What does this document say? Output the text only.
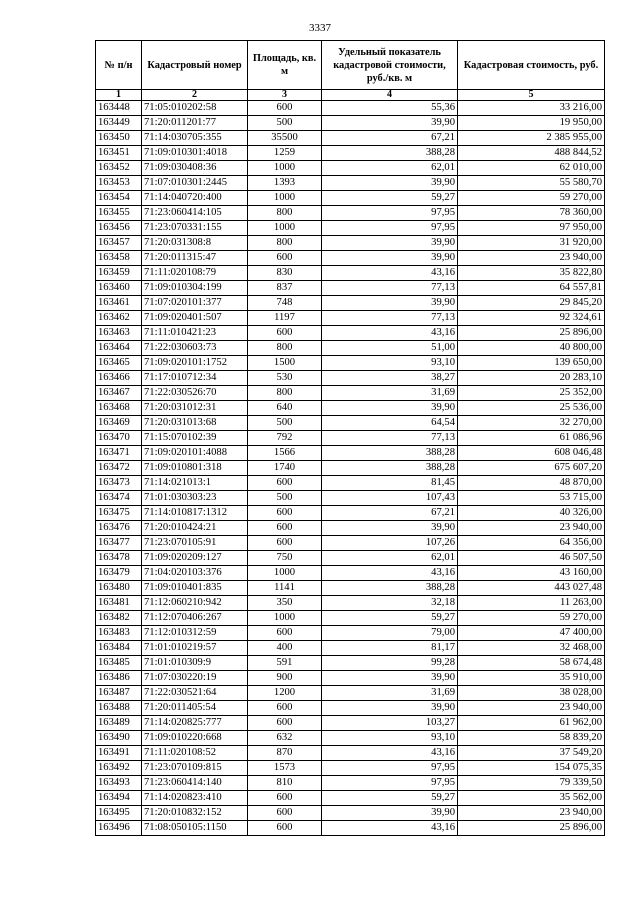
3337
№ п/н	Кадастровый номер	Площадь, кв. м	Удельный показатель кадастровой стоимости, руб./кв. м	Кадастровая стоимость, руб.
1	2	3	4	5
163448	71:05:010202:58	600	55,36	33 216,00
163449	71:20:011201:77	500	39,90	19 950,00
163450	71:14:030705:355	35500	67,21	2 385 955,00
163451	71:09:010301:4018	1259	388,28	488 844,52
163452	71:09:030408:36	1000	62,01	62 010,00
163453	71:07:010301:2445	1393	39,90	55 580,70
163454	71:14:040720:400	1000	59,27	59 270,00
163455	71:23:060414:105	800	97,95	78 360,00
163456	71:23:070331:155	1000	97,95	97 950,00
163457	71:20:031308:8	800	39,90	31 920,00
163458	71:20:011315:47	600	39,90	23 940,00
163459	71:11:020108:79	830	43,16	35 822,80
163460	71:09:010304:199	837	77,13	64 557,81
163461	71:07:020101:377	748	39,90	29 845,20
163462	71:09:020401:507	1197	77,13	92 324,61
163463	71:11:010421:23	600	43,16	25 896,00
163464	71:22:030603:73	800	51,00	40 800,00
163465	71:09:020101:1752	1500	93,10	139 650,00
163466	71:17:010712:34	530	38,27	20 283,10
163467	71:22:030526:70	800	31,69	25 352,00
163468	71:20:031012:31	640	39,90	25 536,00
163469	71:20:031013:68	500	64,54	32 270,00
163470	71:15:070102:39	792	77,13	61 086,96
163471	71:09:020101:4088	1566	388,28	608 046,48
163472	71:09:010801:318	1740	388,28	675 607,20
163473	71:14:021013:1	600	81,45	48 870,00
163474	71:01:030303:23	500	107,43	53 715,00
163475	71:14:010817:1312	600	67,21	40 326,00
163476	71:20:010424:21	600	39,90	23 940,00
163477	71:23:070105:91	600	107,26	64 356,00
163478	71:09:020209:127	750	62,01	46 507,50
163479	71:04:020103:376	1000	43,16	43 160,00
163480	71:09:010401:835	1141	388,28	443 027,48
163481	71:12:060210:942	350	32,18	11 263,00
163482	71:12:070406:267	1000	59,27	59 270,00
163483	71:12:010312:59	600	79,00	47 400,00
163484	71:01:010219:57	400	81,17	32 468,00
163485	71:01:010309:9	591	99,28	58 674,48
163486	71:07:030220:19	900	39,90	35 910,00
163487	71:22:030521:64	1200	31,69	38 028,00
163488	71:20:011405:54	600	39,90	23 940,00
163489	71:14:020825:777	600	103,27	61 962,00
163490	71:09:010220:668	632	93,10	58 839,20
163491	71:11:020108:52	870	43,16	37 549,20
163492	71:23:070109:815	1573	97,95	154 075,35
163493	71:23:060414:140	810	97,95	79 339,50
163494	71:14:020823:410	600	59,27	35 562,00
163495	71:20:010832:152	600	39,90	23 940,00
163496	71:08:050105:1150	600	43,16	25 896,00
